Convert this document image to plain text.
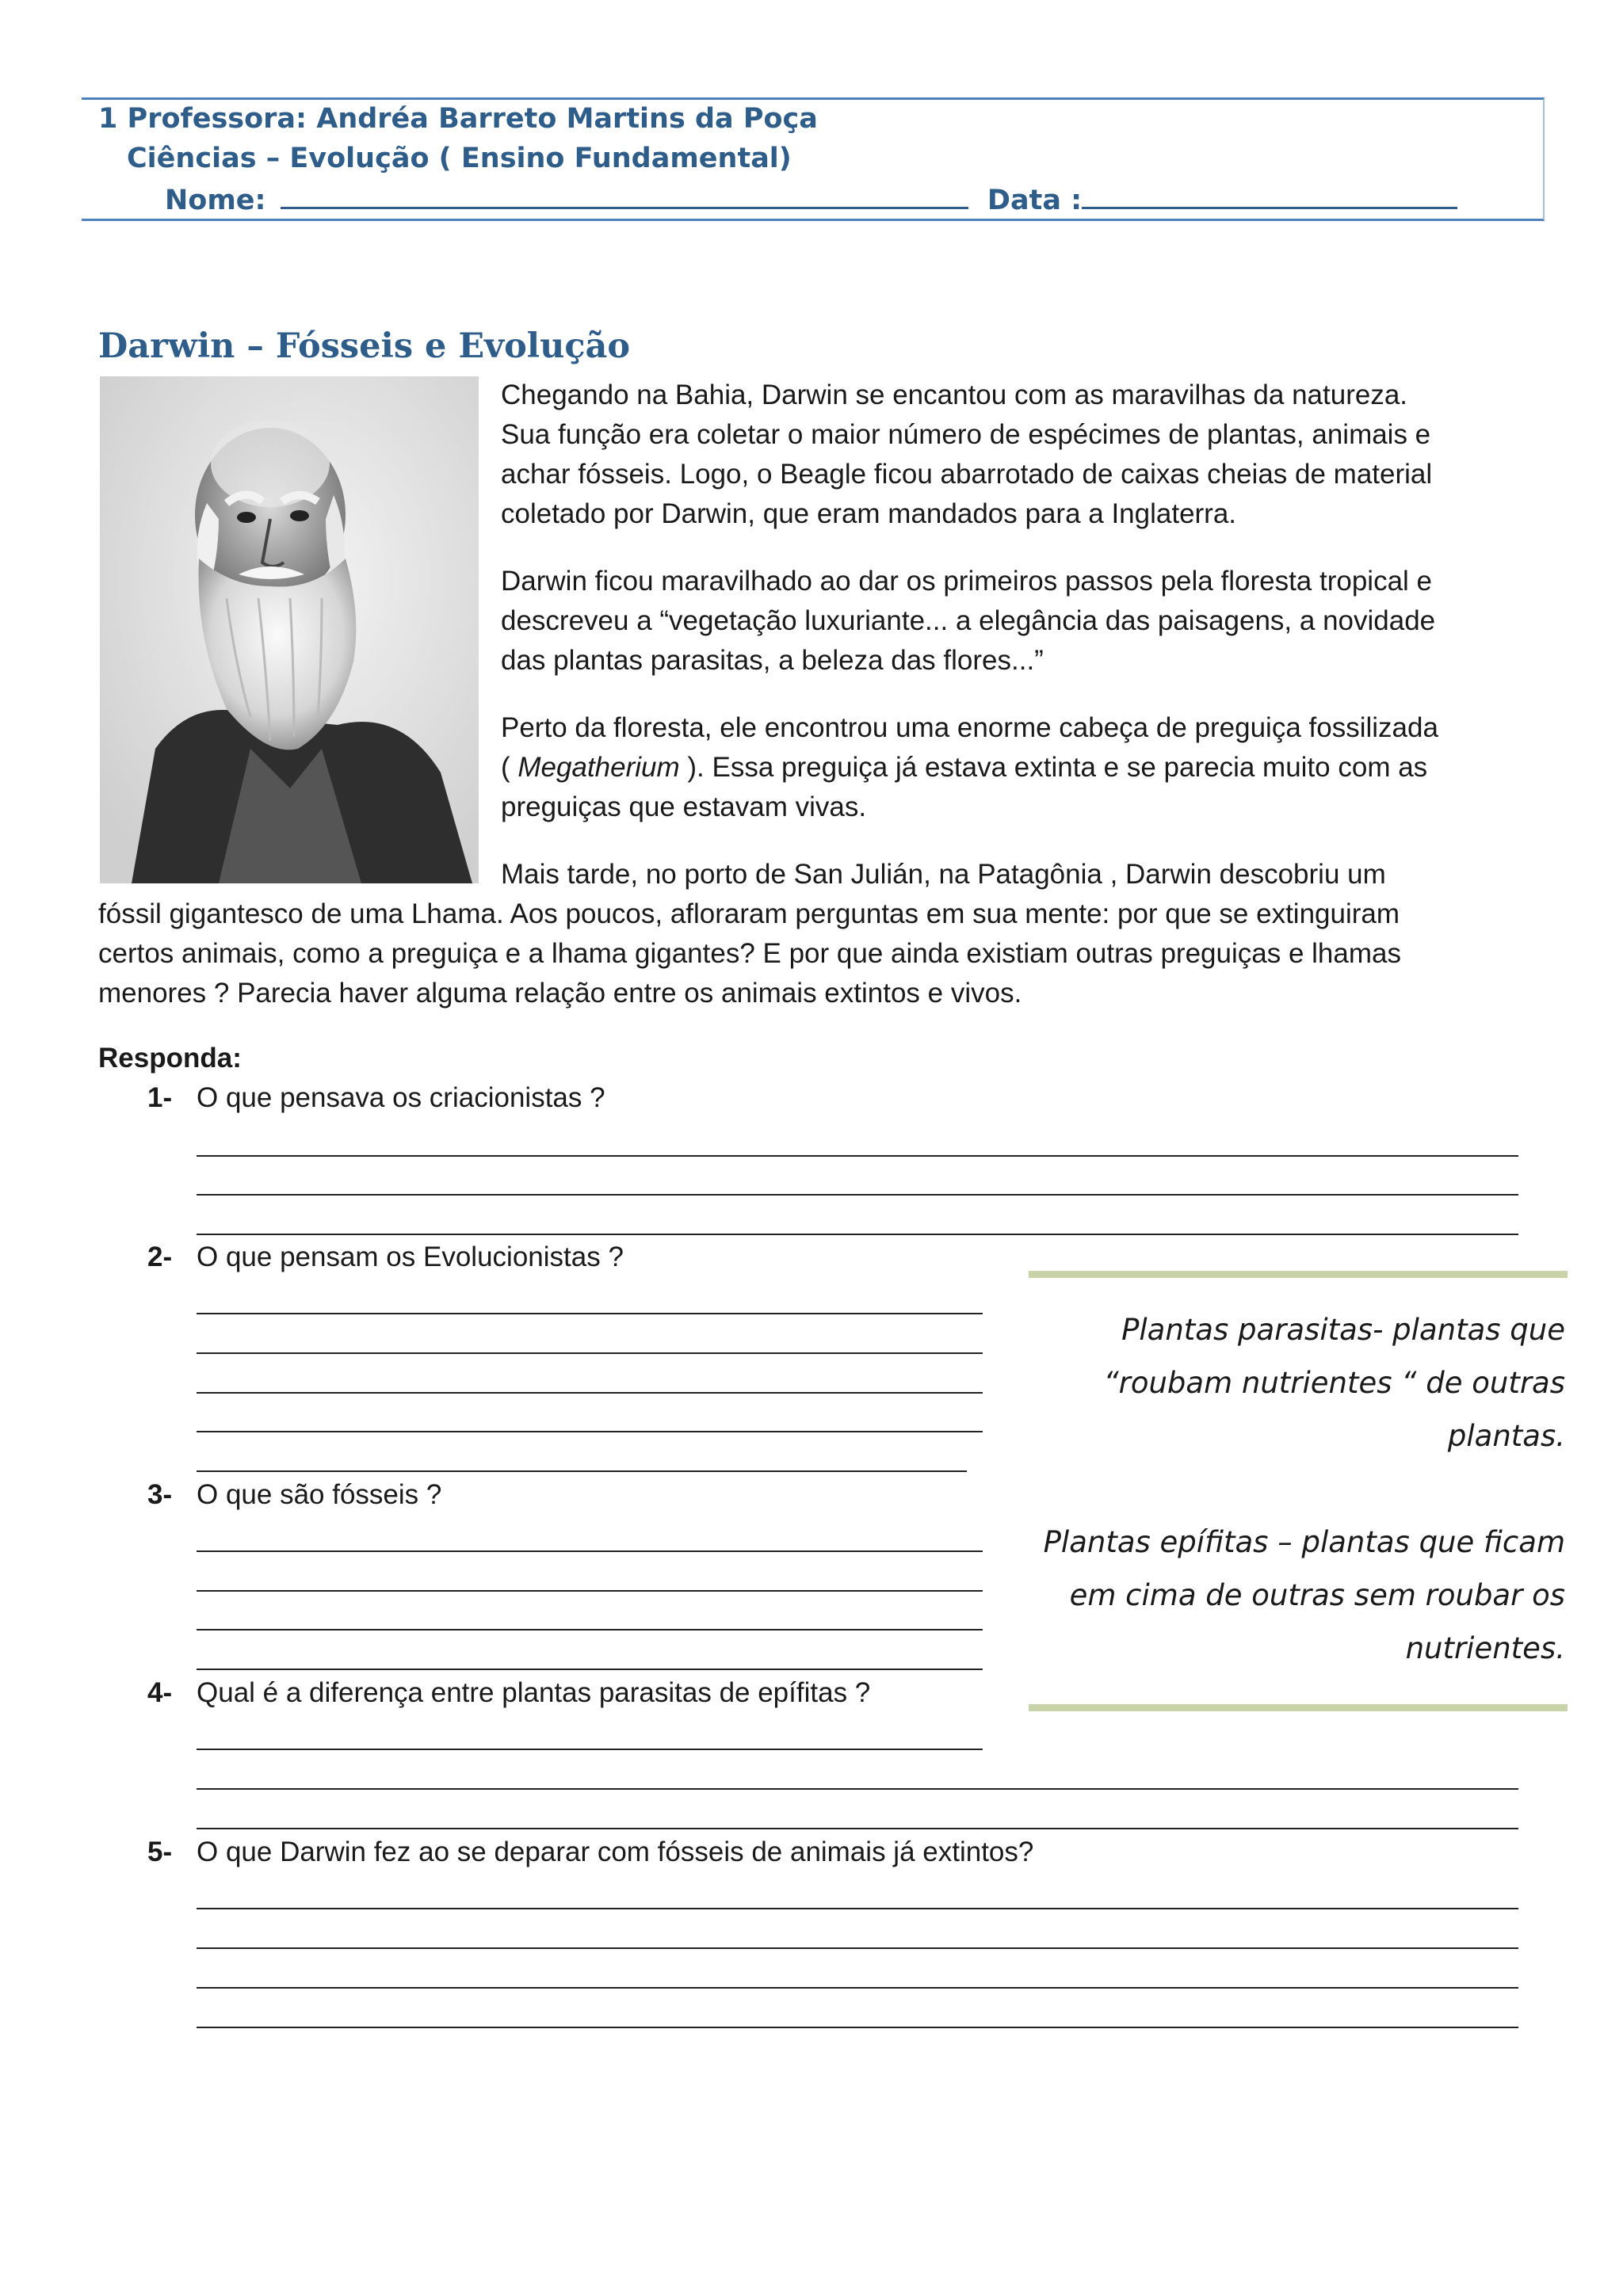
1 Professora: Andréa Barreto Martins da Poça
Ciências – Evolução ( Ensino Fundamental)
Nome:	Data :
Darwin – Fósseis e Evolução
Chegando na Bahia, Darwin se encantou com as maravilhas da natureza.
Sua função era coletar o maior número de espécimes de plantas, animais e
achar fósseis. Logo, o Beagle ficou abarrotado de caixas cheias de material
coletado por Darwin, que eram mandados para a Inglaterra.
Darwin ficou maravilhado ao dar os primeiros passos pela floresta tropical e
descreveu a “vegetação luxuriante... a elegância das paisagens, a novidade
das plantas parasitas, a beleza das flores...”
Perto da floresta, ele encontrou uma enorme cabeça de preguiça fossilizada
( Megatherium ). Essa preguiça já estava extinta e se parecia muito com as
preguiças que estavam vivas.
Mais tarde, no porto de San Julián, na Patagônia , Darwin descobriu um
fóssil gigantesco de uma Lhama. Aos poucos, afloraram perguntas em sua mente: por que se extinguiram
certos animais, como a preguiça e a lhama gigantes? E por que ainda existiam outras preguiças e lhamas
menores ? Parecia haver alguma relação entre os animais extintos e vivos.
Responda:
1- O que pensava os criacionistas ?
2- O que pensam os Evolucionistas ?
3- O que são fósseis ?
4- Qual é a diferença entre plantas parasitas de epífitas ?
5- O que Darwin fez ao se deparar com fósseis de animais já extintos?
Plantas parasitas- plantas que
“roubam nutrientes “ de outras
plantas.
Plantas epífitas – plantas que ficam
em cima de outras sem roubar os
nutrientes.
